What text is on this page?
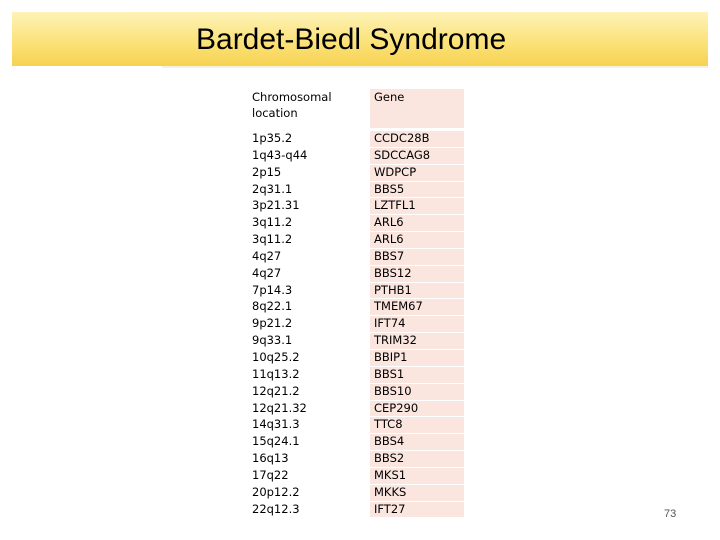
Bardet-Biedl Syndrome
Chromosomal location	Gene

1p35.2	CCDC28B
1q43-q44	SDCCAG8
2p15	WDPCP
2q31.1	BBS5
3p21.31	LZTFL1
3q11.2	ARL6
3q11.2	ARL6
4q27	BBS7
4q27	BBS12
7p14.3	PTHB1
8q22.1	TMEM67
9p21.2	IFT74
9q33.1	TRIM32
10q25.2	BBIP1
11q13.2	BBS1
12q21.2	BBS10
12q21.32	CEP290
14q31.3	TTC8
15q24.1	BBS4
16q13	BBS2
17q22	MKS1
20p12.2	MKKS
22q12.3	IFT27	73
